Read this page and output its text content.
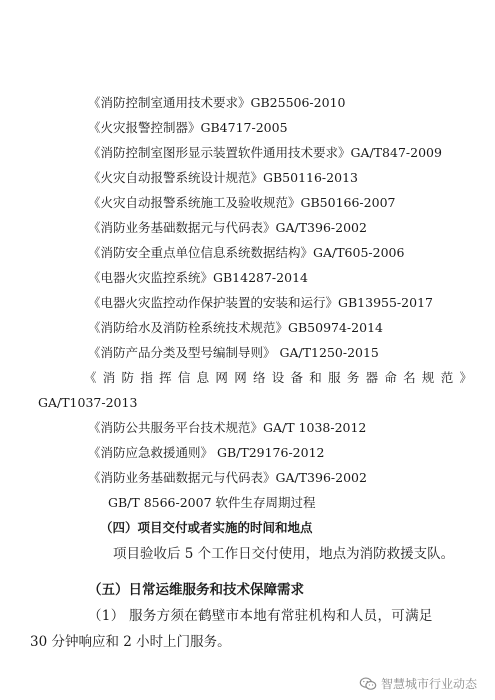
《消防控制室通用技术要求》GB25506-2010
《火灾报警控制器》GB4717-2005
《消防控制室图形显示装置软件通用技术要求》GA/T847-2009
《火灾自动报警系统设计规范》GB50116-2013
《火灾自动报警系统施工及验收规范》GB50166-2007
《消防业务基础数据元与代码表》GA/T396-2002
《消防安全重点单位信息系统数据结构》GA/T605-2006
《电器火灾监控系统》GB14287-2014
《电器火灾监控动作保护装置的安装和运行》GB13955-2017
《消防给水及消防栓系统技术规范》GB50974-2014
《消防产品分类及型号编制导则》 GA/T1250-2015
《消防指挥信息网网络设备和服务器命名规范》
GA/T1037-2013
《消防公共服务平台技术规范》GA/T 1038-2012
《消防应急救援通则》 GB/T29176-2012
《消防业务基础数据元与代码表》GA/T396-2002
GB/T 8566-2007 软件生存周期过程
（四）项目交付或者实施的时间和地点
项目验收后 5 个工作日交付使用，地点为消防救援支队。
（五）日常运维服务和技术保障需求
（1） 服务方须在鹤壁市本地有常驻机构和人员，可满足
30 分钟响应和 2 小时上门服务。
智慧城市行业动态
